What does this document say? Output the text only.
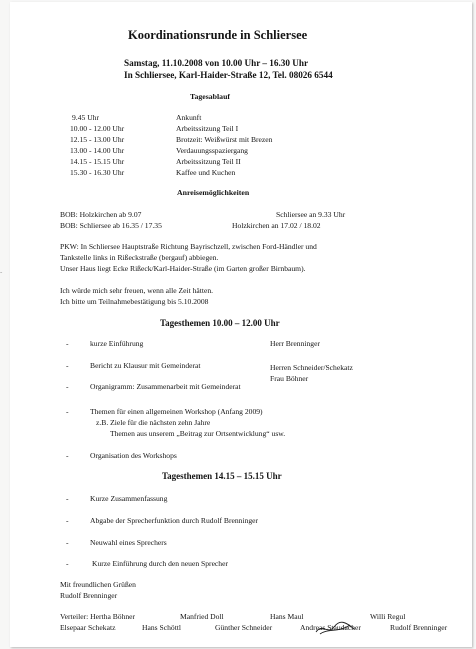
Koordinationsrunde in Schliersee
Samstag, 11.10.2008 von 10.00 Uhr – 16.30 Uhr
In Schliersee, Karl-Haider-Straße 12, Tel. 08026 6544
Tagesablauf
9.45 Uhr	Ankunft
10.00 - 12.00 Uhr	Arbeitssitzung Teil I
12.15 - 13.00 Uhr	Brotzeit: Weißwürst mit Brezen
13.00 - 14.00 Uhr	Verdauungsspaziergang
14.15 - 15.15 Uhr	Arbeitssitzung Teil II
15.30 - 16.30 Uhr	Kaffee und Kuchen
Anreisemöglichkeiten
BOB: Holzkirchen ab 9.07	Schliersee an 9.33 Uhr
BOB: Schliersee ab 16.35 / 17.35	Holzkirchen an 17.02 / 18.02
PKW: In Schliersee Hauptstraße Richtung Bayrischzell, zwischen Ford-Händler und
Tankstelle links in Rißeckstraße (bergauf) abbiegen.
Unser Haus liegt Ecke Rißeck/Karl-Haider-Straße (im Garten großer Birnbaum).
Ich würde mich sehr freuen, wenn alle Zeit hätten.
Ich bitte um Teilnahmebestätigung bis 5.10.2008
Tagesthemen 10.00 – 12.00 Uhr
-	kurze Einführung	Herr Brenninger
-	Bericht zu Klausur mit Gemeinderat	Herren Schneider/Schekatz
Frau Böhner
-	Organigramm: Zusammenarbeit mit Gemeinderat
-	Themen für einen allgemeinen Workshop (Anfang 2009)
z.B. Ziele für die nächsten zehn Jahre
Themen aus unserem „Beitrag zur Ortsentwicklung“ usw.
-	Organisation des Workshops
Tagesthemen 14.15 – 15.15 Uhr
-	Kurze Zusammenfassung
-	Abgabe der Sprecherfunktion durch Rudolf Brenninger
-	Neuwahl eines Sprechers
-	Kurze Einführung durch den neuen Sprecher
Mit freundlichen Grüßen
Rudolf Brenninger
Verteiler: Hertha Böhner	Manfried Doll	Hans Maul	Willi Regul
Elsepaar Schekatz	Hans Schöttl	Günther Schneider	Andreas Staudacher	Rudolf Brenninger
-
